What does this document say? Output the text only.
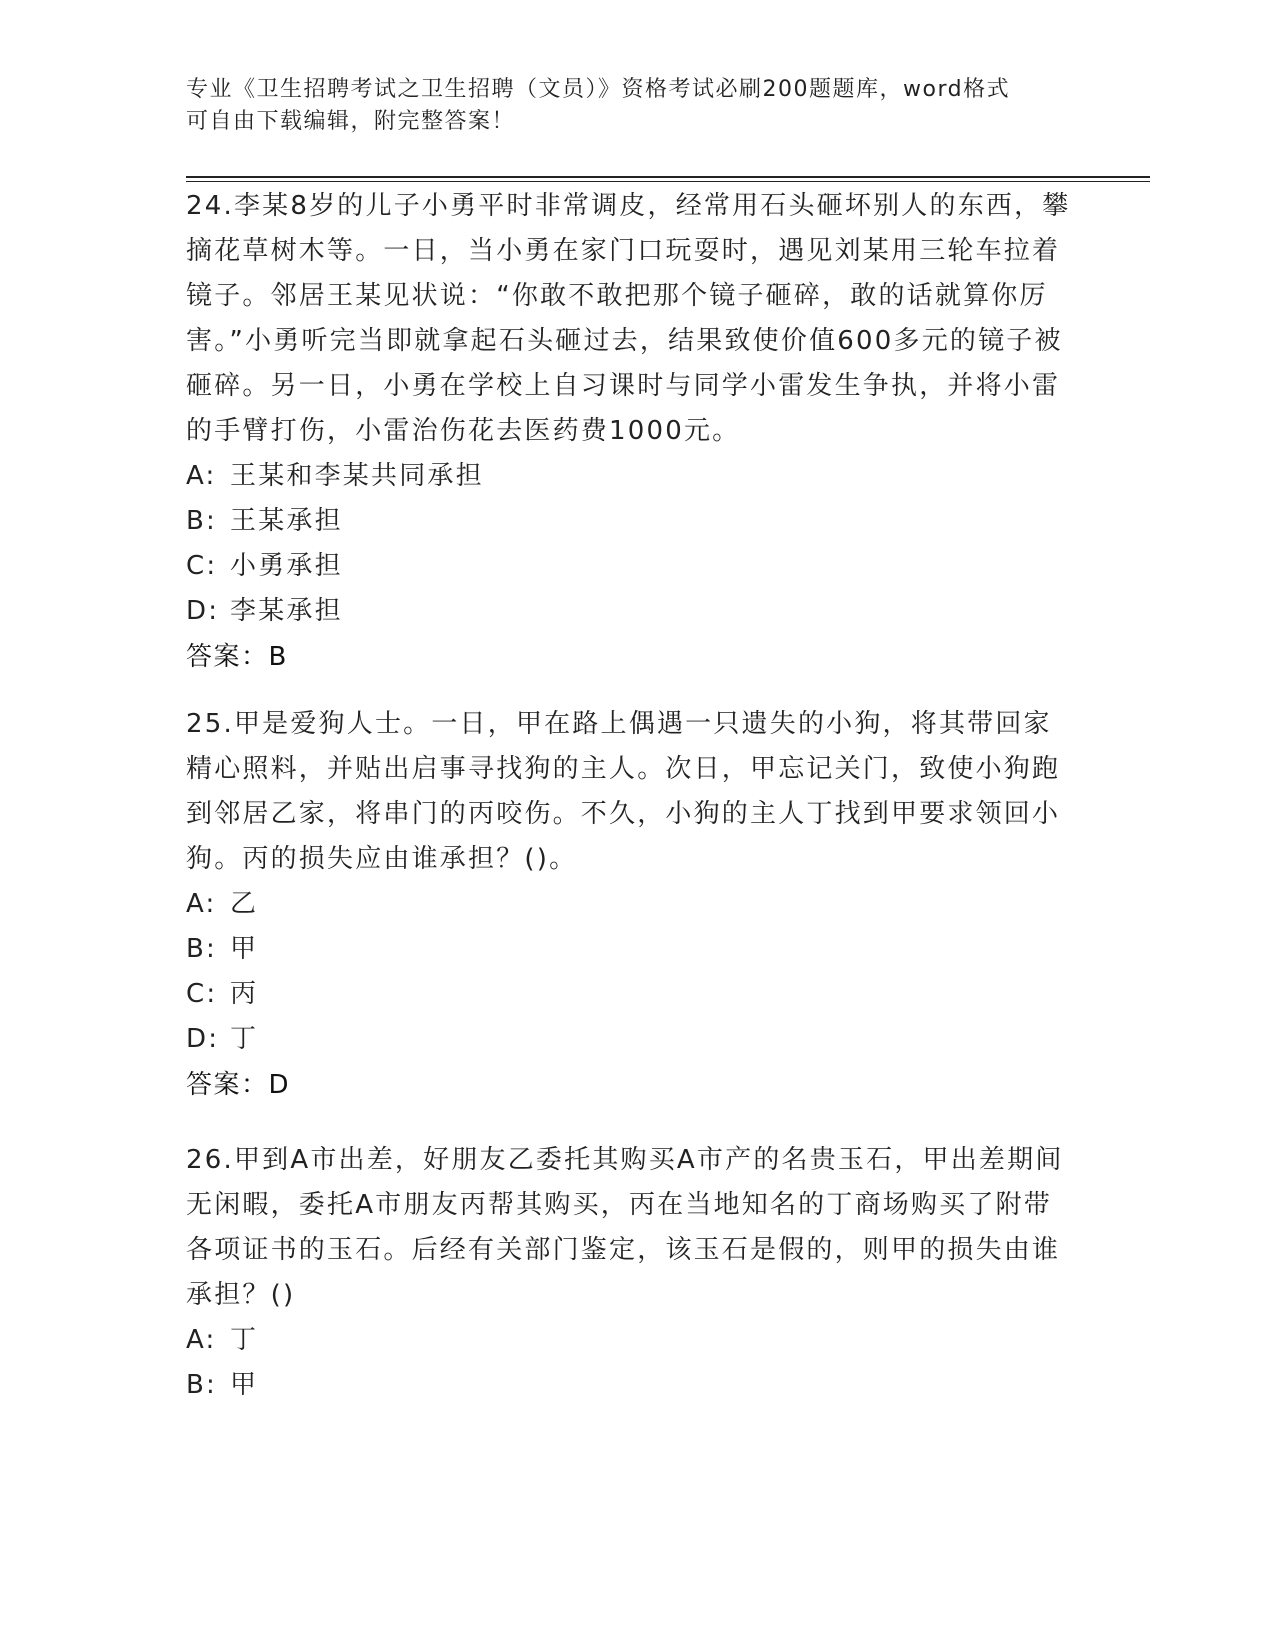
专业《卫生招聘考试之卫生招聘（文员）》资格考试必刷200题题库，word格式
可自由下载编辑，附完整答案！

24.李某8岁的儿子小勇平时非常调皮，经常用石头砸坏别人的东西，攀摘花草树木等。一日，当小勇在家门口玩耍时，遇见刘某用三轮车拉着镜子。邻居王某见状说：“你敢不敢把那个镜子砸碎，敢的话就算你厉害。”小勇听完当即就拿起石头砸过去，结果致使价值600多元的镜子被砸碎。另一日，小勇在学校上自习课时与同学小雷发生争执，并将小雷的手臂打伤，小雷治伤花去医药费1000元。

A: 王某和李某共同承担

B: 王某承担

C: 小勇承担

D: 李某承担

答案：B

25.甲是爱狗人士。一日，甲在路上偶遇一只遗失的小狗，将其带回家精心照料，并贴出启事寻找狗的主人。次日，甲忘记关门，致使小狗跑到邻居乙家，将串门的丙咬伤。不久，小狗的主人丁找到甲要求领回小狗。丙的损失应由谁承担？()。

A: 乙

B: 甲

C: 丙

D: 丁

答案：D

26.甲到A市出差，好朋友乙委托其购买A市产的名贵玉石，甲出差期间无闲暇，委托A市朋友丙帮其购买，丙在当地知名的丁商场购买了附带各项证书的玉石。后经有关部门鉴定，该玉石是假的，则甲的损失由谁承担？()

A: 丁

B: 甲
